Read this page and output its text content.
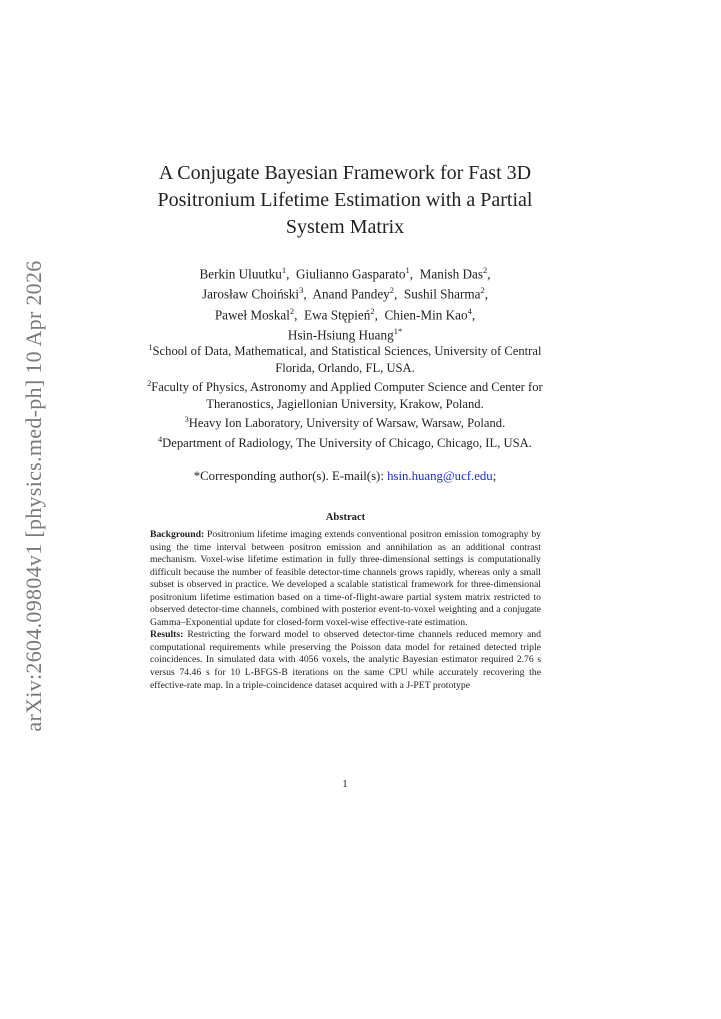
arXiv:2604.09804v1 [physics.med-ph] 10 Apr 2026
A Conjugate Bayesian Framework for Fast 3D
Positronium Lifetime Estimation with a Partial
System Matrix
Berkin Uluutku$^1$,  Giulianno Gasparato$^1$,  Manish Das$^2$,
Jarosław Choiński$^3$,  Anand Pandey$^2$,  Sushil Sharma$^2$,
Paweł Moskal$^2$,  Ewa Stępień$^2$,  Chien-Min Kao$^4$,
Hsin-Hsiung Huang$^{1*}$
$^1$School of Data, Mathematical, and Statistical Sciences, University of Central Florida, Orlando, FL, USA.
$^2$Faculty of Physics, Astronomy and Applied Computer Science and Center for Theranostics, Jagiellonian University, Krakow, Poland.
$^3$Heavy Ion Laboratory, University of Warsaw, Warsaw, Poland.
$^4$Department of Radiology, The University of Chicago, Chicago, IL, USA.
*Corresponding author(s). E-mail(s): hsin.huang@ucf.edu;
Abstract

Background: Positronium lifetime imaging extends conventional positron emission tomography by using the time interval between positron emission and annihilation as an additional contrast mechanism. Voxel-wise lifetime estimation in fully three-dimensional settings is computationally difficult because the number of feasible detector-time channels grows rapidly, whereas only a small subset is observed in practice. We developed a scalable statistical framework for three-dimensional positronium lifetime estimation based on a time-of-flight-aware partial system matrix restricted to observed detector-time channels, combined with posterior event-to-voxel weighting and a conjugate Gamma–Exponential update for closed-form voxel-wise effective-rate estimation.

Results: Restricting the forward model to observed detector-time channels reduced memory and computational requirements while preserving the Poisson data model for retained detected triple coincidences. In simulated data with 4056 voxels, the analytic Bayesian estimator required 2.76 s versus 74.46 s for 10 L-BFGS-B iterations on the same CPU while accurately recovering the effective-rate map. In a triple-coincidence dataset acquired with a J-PET prototype

1
